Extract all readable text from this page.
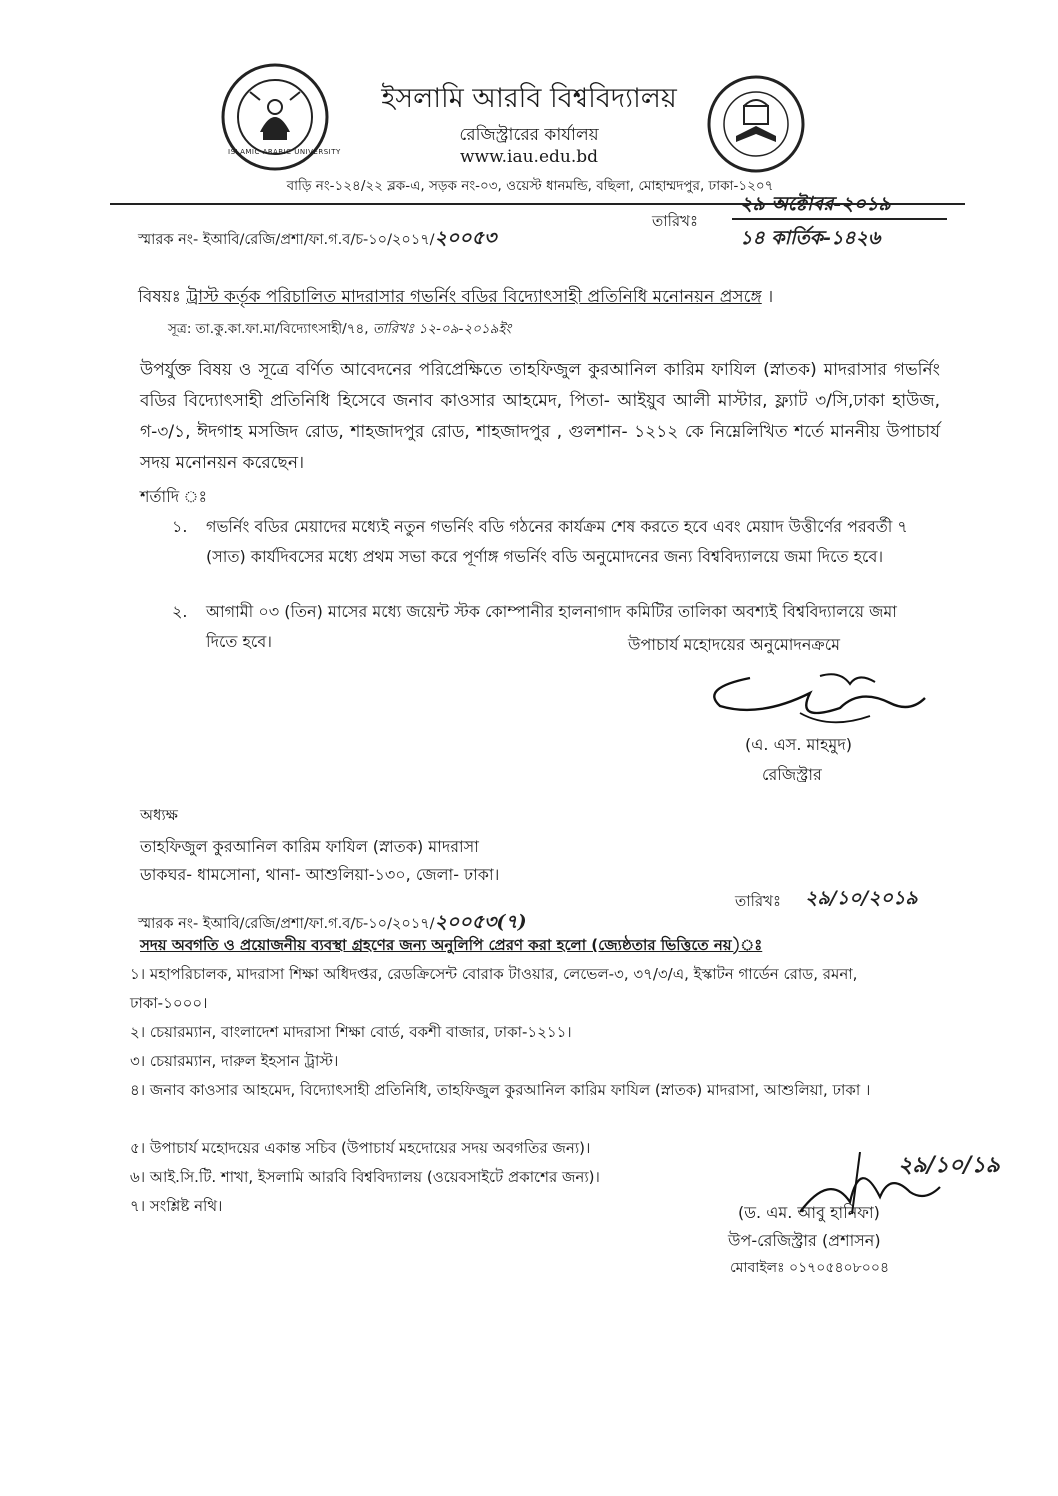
ISLAMIC ARABIC UNIVERSITY
ইসলামি আরবি বিশ্ববিদ্যালয়
রেজিস্ট্রারের কার্যালয়
www.iau.edu.bd
বাড়ি নং-১২৪/২২ ব্লক-এ, সড়ক নং-০৩, ওয়েস্ট ধানমন্ডি, বছিলা, মোহাম্মদপুর, ঢাকা-১২০৭
স্মারক নং- ইআবি/রেজি/প্রশা/ফা.গ.ব/চ-১০/২০১৭/২০০৫৩
তারিখঃ
২৯ অক্টোবর-২০১৯
১৪ কার্তিক-১৪২৬
বিষয়ঃ ট্রাস্ট কর্তৃক পরিচালিত মাদরাসার গভর্নিং বডির বিদ্যোৎসাহী প্রতিনিধি মনোনয়ন প্রসঙ্গে ।
সূত্র: তা.কু.কা.ফা.মা/বিদ্যোৎসাহী/৭৪, তারিখঃ ১২-০৯-২০১৯ইং
উপর্যুক্ত বিষয় ও সূত্রে বর্ণিত আবেদনের পরিপ্রেক্ষিতে তাহফিজুল কুরআনিল কারিম ফাযিল (স্নাতক) মাদরাসার গভর্নিং বডির বিদ্যোৎসাহী প্রতিনিধি হিসেবে জনাব কাওসার আহমেদ, পিতা- আইয়ুব আলী মাস্টার, ফ্ল্যাট ৩/সি,ঢাকা হাউজ, গ-৩/১, ঈদগাহ মসজিদ রোড, শাহজাদপুর রোড, শাহজাদপুর , গুলশান- ১২১২ কে নিম্নেলিখিত শর্তে মাননীয় উপাচার্য সদয় মনোনয়ন করেছেন।
শর্তাদি ঃ
১. গভর্নিং বডির মেয়াদের মধ্যেই নতুন গভর্নিং বডি গঠনের কার্যক্রম শেষ করতে হবে এবং মেয়াদ উত্তীর্ণের পরবর্তী ৭ (সাত) কার্যদিবসের মধ্যে প্রথম সভা করে পূর্ণাঙ্গ গভর্নিং বডি অনুমোদনের জন্য বিশ্ববিদ্যালয়ে জমা দিতে হবে।
২. আগামী ০৩ (তিন) মাসের মধ্যে জয়েন্ট স্টক কোম্পানীর হালনাগাদ কমিটির তালিকা অবশ্যই বিশ্ববিদ্যালয়ে জমা দিতে হবে।	উপাচার্য মহোদয়ের অনুমোদনক্রমে
(এ. এস. মাহমুদ)
রেজিস্ট্রার
অধ্যক্ষ
তাহফিজুল কুরআনিল কারিম ফাযিল (স্নাতক) মাদরাসা
ডাকঘর- ধামসোনা, থানা- আশুলিয়া-১৩০, জেলা- ঢাকা।
স্মারক নং- ইআবি/রেজি/প্রশা/ফা.গ.ব/চ-১০/২০১৭/২০০৫৩(৭)
তারিখঃ ২৯/১০/২০১৯
সদয় অবগতি ও প্রয়োজনীয় ব্যবস্থা গ্রহণের জন্য অনুলিপি প্রেরণ করা হলো (জ্যেষ্ঠতার ভিত্তিতে নয়)ঃ
১। মহাপরিচালক, মাদরাসা শিক্ষা অধিদপ্তর, রেডক্রিসেন্ট বোরাক টাওয়ার, লেভেল-৩, ৩৭/৩/এ, ইস্কাটন গার্ডেন রোড, রমনা, ঢাকা-১০০০।
২। চেয়ারম্যান, বাংলাদেশ মাদরাসা শিক্ষা বোর্ড, বকশী বাজার, ঢাকা-১২১১।
৩। চেয়ারম্যান, দারুল ইহসান ট্রাস্ট।
৪। জনাব কাওসার আহমেদ, বিদ্যোৎসাহী প্রতিনিধি, তাহফিজুল কুরআনিল কারিম ফাযিল (স্নাতক) মাদরাসা, আশুলিয়া, ঢাকা ।
৫। উপাচার্য মহোদয়ের একান্ত সচিব (উপাচার্য মহদোয়ের সদয় অবগতির জন্য)।
৬। আই.সি.টি. শাখা, ইসলামি আরবি বিশ্ববিদ্যালয় (ওয়েবসাইটে প্রকাশের জন্য)।
৭। সংশ্লিষ্ট নথি।
২৯/১০/১৯
(ড. এম. আবু হানিফা)
উপ-রেজিস্ট্রার (প্রশাসন)
মোবাইলঃ ০১৭০৫৪০৮০০৪
